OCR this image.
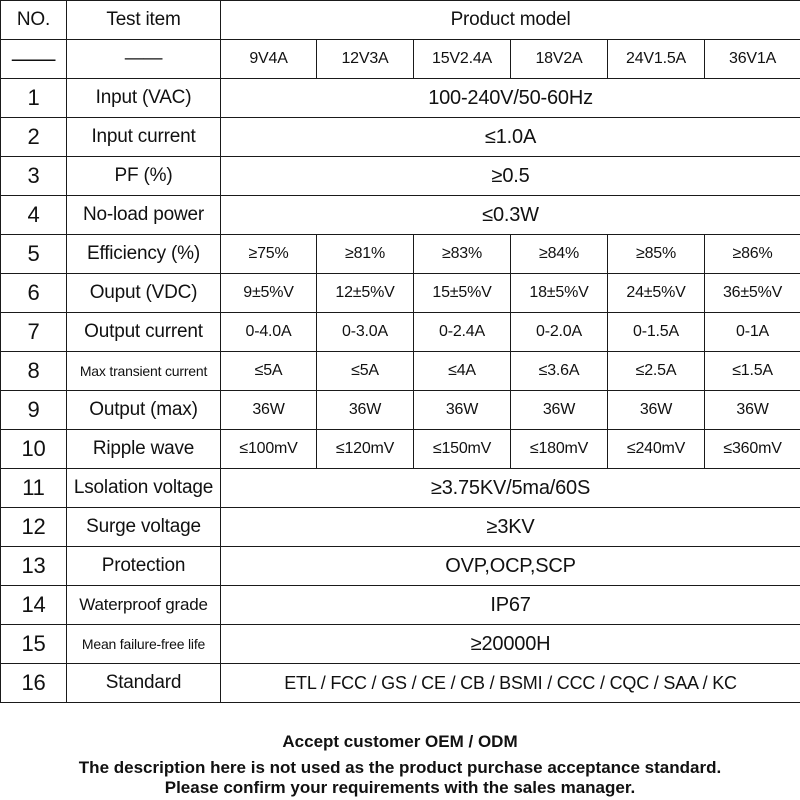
NO.	Test item	Product model					
——	——	9V4A	12V3A	15V2.4A	18V2A	24V1.5A	36V1A
1	Input (VAC)	100-240V/50-60Hz					
2	Input current	≤1.0A					
3	PF (%)	≥0.5					
4	No-load power	≤0.3W					
5	Efficiency (%)	≥75%	≥81%	≥83%	≥84%	≥85%	≥86%
6	Ouput (VDC)	9±5%V	12±5%V	15±5%V	18±5%V	24±5%V	36±5%V
7	Output current	0-4.0A	0-3.0A	0-2.4A	0-2.0A	0-1.5A	0-1A
8	Max transient current	≤5A	≤5A	≤4A	≤3.6A	≤2.5A	≤1.5A
9	Output (max)	36W	36W	36W	36W	36W	36W
10	Ripple wave	≤100mV	≤120mV	≤150mV	≤180mV	≤240mV	≤360mV
11	Lsolation voltage	≥3.75KV/5ma/60S					
12	Surge voltage	≥3KV					
13	Protection	OVP,OCP,SCP					
14	Waterproof grade	IP67					
15	Mean failure-free life	≥20000H					
16	Standard	ETL / FCC / GS / CE / CB / BSMI / CCC / CQC / SAA / KC					
Accept customer OEM / ODM
The description here is not used as the product purchase acceptance standard.
Please confirm your requirements with the sales manager.
